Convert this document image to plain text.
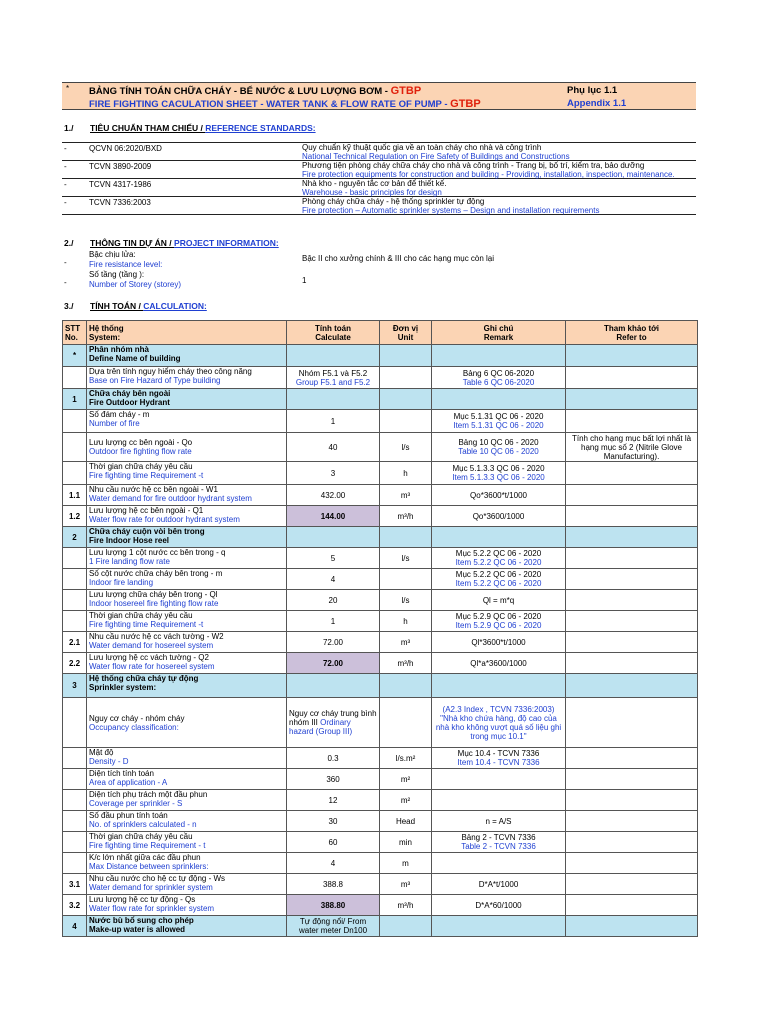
* BẢNG TÍNH TOÁN CHỮA CHÁY - BỂ NƯỚC & LƯU LƯỢNG BƠM - GTBP
FIRE FIGHTING CACULATION SHEET - WATER TANK & FLOW RATE OF PUMP - GTBP
Phụ lục 1.1
Appendix 1.1
1./ TIÊU CHUẨN THAM CHIẾU / REFERENCE STANDARDS:
-	QCVN 06:2020/BXD	Quy chuẩn kỹ thuật quốc gia về an toàn cháy cho nhà và công trình
National Technical Regulation on Fire Safety of Buildings and Constructions
-	TCVN 3890-2009	Phương tiện phòng cháy chữa cháy cho nhà và công trình - Trang bị, bố trí, kiểm tra, bảo dưỡng
Fire protection equipments for construction and building - Providing, installation, inspection, maintenance.
-	TCVN 4317-1986	Nhà kho - nguyên tắc cơ bản để thiết kế.
Warehouse - basic principles for design
-	TCVN 7336:2003	Phòng cháy chữa cháy - hệ thống sprinkler tự động
Fire protection – Automatic sprinkler systems – Design and installation requirements
2./ THÔNG TIN DỰ ÁN / PROJECT INFORMATION:
-
Bậc chịu lửa:
Fire resistance level:
Bậc II cho xưởng chính & III cho các hạng mục còn lại
-
Số tầng (tầng ):
Number of Storey (storey)	1
3./ TÍNH TOÁN / CALCULATION:
STT
No.	Hệ thống
System:	Tính toán
Calculate	Đơn vị
Unit	Ghi chú
Remark	Tham khảo tới
Refer to
*	Phân nhóm nhà
Define Name of building				
	Dựa trên tính nguy hiểm cháy theo công năng
Base on Fire Hazard of Type building	Nhóm F5.1 và F5.2
Group F5.1 and F5.2		Bảng 6 QC 06-2020
Table 6 QC 06-2020	
1	Chữa cháy bên ngoài
Fire Outdoor Hydrant				
	Số đám cháy - m
Number of fire	1		Mục 5.1.31 QC 06 - 2020
Item 5.1.31 QC 06 - 2020	
	Lưu lượng cc bên ngoài - Qo
Outdoor fire fighting flow rate	40	l/s	Bảng 10 QC 06 - 2020
Table 10 QC 06 - 2020	Tính cho hạng mục bất lợi nhất là hạng mục số 2 (Nitrile Glove Manufacturing).
	Thời gian chữa cháy yêu cầu
Fire fighting time Requirement -t	3	h	Mục 5.1.3.3 QC 06 - 2020
Item 5.1.3.3 QC 06 - 2020	
1.1	Nhu cầu nước hệ cc bên ngoài - W1
Water demand for fire outdoor hydrant system	432.00	m³	Qo*3600*t/1000	
1.2	Lưu lượng hệ cc bên ngoài - Q1
Water flow rate for outdoor hydrant system	144.00	m³/h	Qo*3600/1000	
2	Chữa cháy cuộn vòi bên trong
Fire Indoor Hose reel				
	Lưu lượng 1 cột nước cc bên trong - q
1 Fire landing flow rate	5	l/s	Mục 5.2.2 QC 06 - 2020
Item 5.2.2 QC 06 - 2020	
	Số cột nước chữa cháy bên trong - m
Indoor fire landing	4		Mục 5.2.2 QC 06 - 2020
Item 5.2.2 QC 06 - 2020	
	Lưu lượng chữa cháy bên trong - Ql
Indoor hosereel fire fighting flow rate	20	l/s	Ql = m*q	
	Thời gian chữa cháy yêu cầu
Fire fighting time Requirement -t	1	h	Mục 5.2.9 QC 06 - 2020
Item 5.2.9 QC 06 - 2020	
2.1	Nhu cầu nước hệ cc vách tường - W2
Water demand for hosereel system	72.00	m³	Ql*3600*t/1000	
2.2	Lưu lượng hệ cc vách tường - Q2
Water flow rate for hosereel system	72.00	m³/h	Ql*a*3600/1000	
3	Hệ thống chữa cháy tự động
Sprinkler system:				
	Nguy cơ cháy - nhóm cháy
Occupancy classification:	Nguy cơ cháy trung bình nhóm III Ordinary hazard (Group III)		(A2.3 Index , TCVN 7336:2003) "Nhà kho chứa hàng, độ cao của nhà kho không vượt quá số liệu ghi trong mục 10.1"	
	Mật độ
Density - D	0.3	l/s.m²	Mục 10.4 - TCVN 7336
Item 10.4 - TCVN 7336	
	Diện tích tính toán
Area of application - A	360	m²		
	Diện tích phụ trách một đầu phun
Coverage per sprinkler - S	12	m²		
	Số đầu phun tính toán
No. of sprinklers calculated - n	30	Head	n = A/S	
	Thời gian chữa cháy yêu cầu
Fire fighting time Requirement - t	60	min	Bảng 2 - TCVN 7336
Table 2 - TCVN 7336	
	K/c lớn nhất giữa các đầu phun
Max Distance between sprinklers:	4	m		
3.1	Nhu cầu nước cho hệ cc tự động - Ws
Water demand for sprinkler system	388.8	m³	D*A*t/1000	
3.2	Lưu lượng hệ cc tự động - Qs
Water flow rate for sprinkler system	388.80	m³/h	D*A*60/1000	
4	Nước bù bổ sung cho phép
Make-up water is allowed	Tự động nổi/ From water meter Dn100			
